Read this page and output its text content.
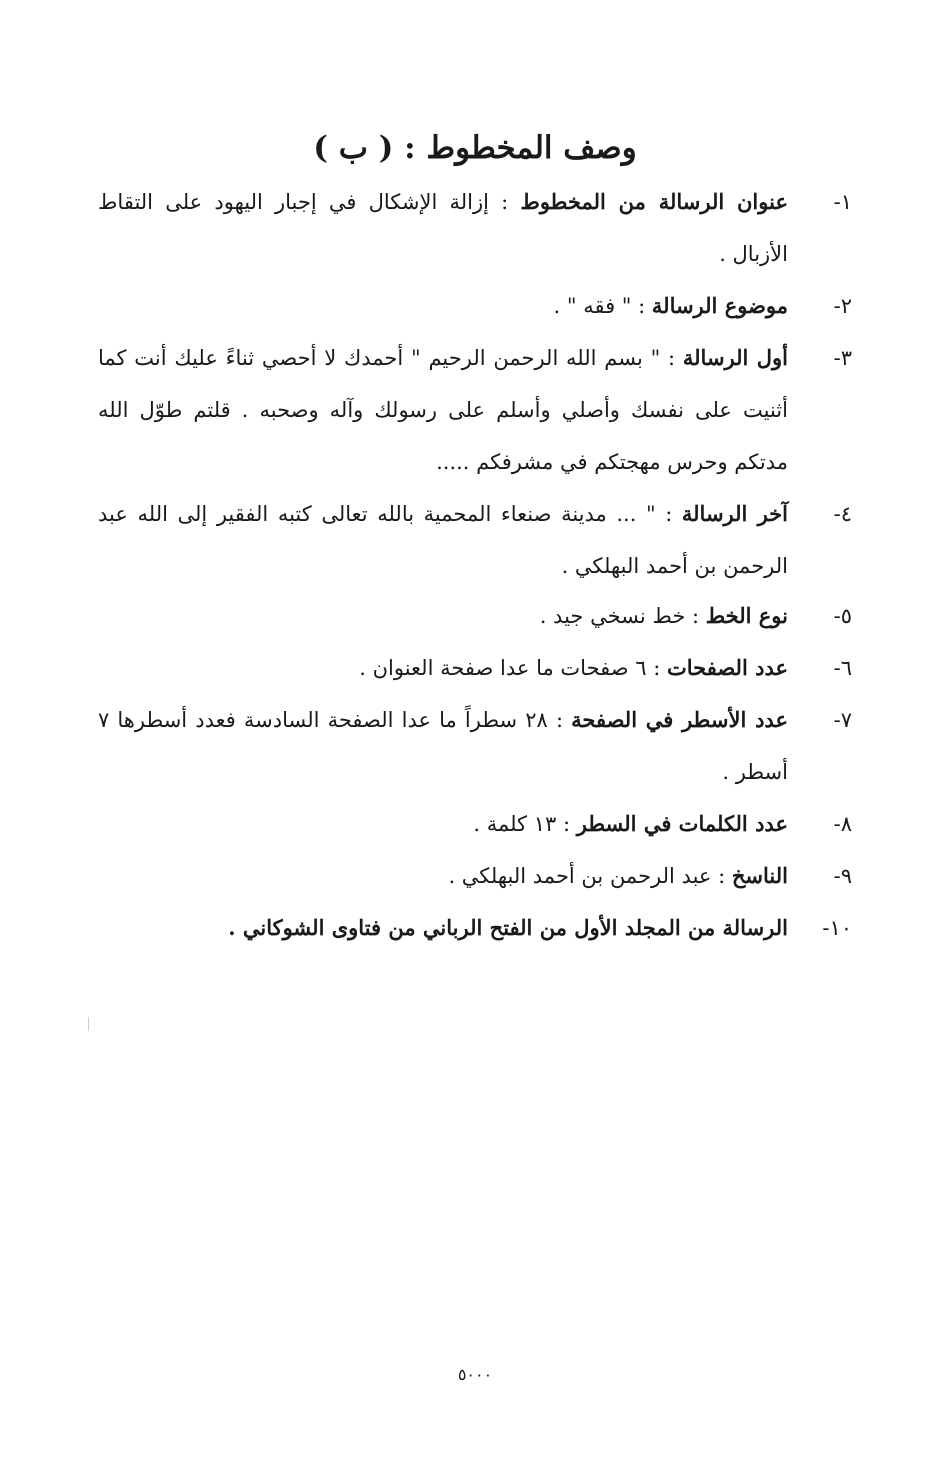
وصف المخطوط : ( ب )
١-
عنوان الرسالة من المخطوط : إزالة الإشكال في إجبار اليهود على التقاط الأزبال .
٢-
موضوع الرسالة : " فقه " .
٣-
أول الرسالة : " بسم الله الرحمن الرحيم " أحمدك لا أحصي ثناءً عليك أنت كما أثنيت على نفسك وأصلي وأسلم على رسولك وآله وصحبه . قلتم طوّل الله مدتكم وحرس مهجتكم في مشرفكم .....
٤-
آخر الرسالة : " ... مدينة صنعاء المحمية بالله تعالى كتبه الفقير إلى الله عبد الرحمن بن أحمد البهلكي .
٥-
نوع الخط : خط نسخي جيد .
٦-
عدد الصفحات : ٦ صفحات ما عدا صفحة العنوان .
٧-
عدد الأسطر في الصفحة : ٢٨ سطراً ما عدا الصفحة السادسة فعدد أسطرها ٧ أسطر .
٨-
عدد الكلمات في السطر : ١٣ كلمة .
٩-
الناسخ : عبد الرحمن بن أحمد البهلكي .
١٠-
الرسالة من المجلد الأول من الفتح الرباني من فتاوى الشوكاني .
٥٠٠٠
